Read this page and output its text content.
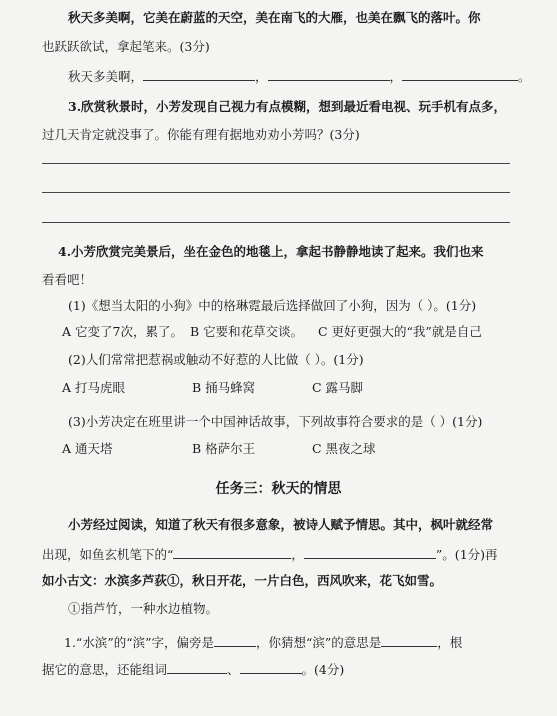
秋天多美啊，它美在蔚蓝的天空，美在南飞的大雁，也美在飘飞的落叶。你
也跃跃欲试，拿起笔来。(3分)
秋天多美啊，	，	，	。
3.欣赏秋景时，小芳发现自己视力有点模糊，想到最近看电视、玩手机有点多，
过几天肯定就没事了。你能有理有据地劝劝小芳吗？(3分)
4.小芳欣赏完美景后，坐在金色的地毯上，拿起书静静地读了起来。我们也来
看看吧！
(1)《想当太阳的小狗》中的格琳霓最后选择做回了小狗，因为（ ）。(1分)
A 它变了7次，累了。 B 它要和花草交谈。 C 更好更强大的“我”就是自己
(2)人们常常把惹祸或触动不好惹的人比做（ ）。(1分)
A 打马虎眼	B 捅马蜂窝	C 露马脚
(3)小芳决定在班里讲一个中国神话故事，下列故事符合要求的是（ ）(1分)
A 通天塔	B 格萨尔王	C 黑夜之球
任务三：秋天的情思
小芳经过阅读，知道了秋天有很多意象，被诗人赋予情思。其中，枫叶就经常
出现，如鱼玄机笔下的“	，	”。(1分)再
如小古文：水滨多芦荻①，秋日开花，一片白色，西风吹来，花飞如雪。
①指芦竹，一种水边植物。
1.“水滨”的“滨”字，偏旁是	，你猜想“滨”的意思是	，根
据它的意思，还能组词	、	。(4分)
